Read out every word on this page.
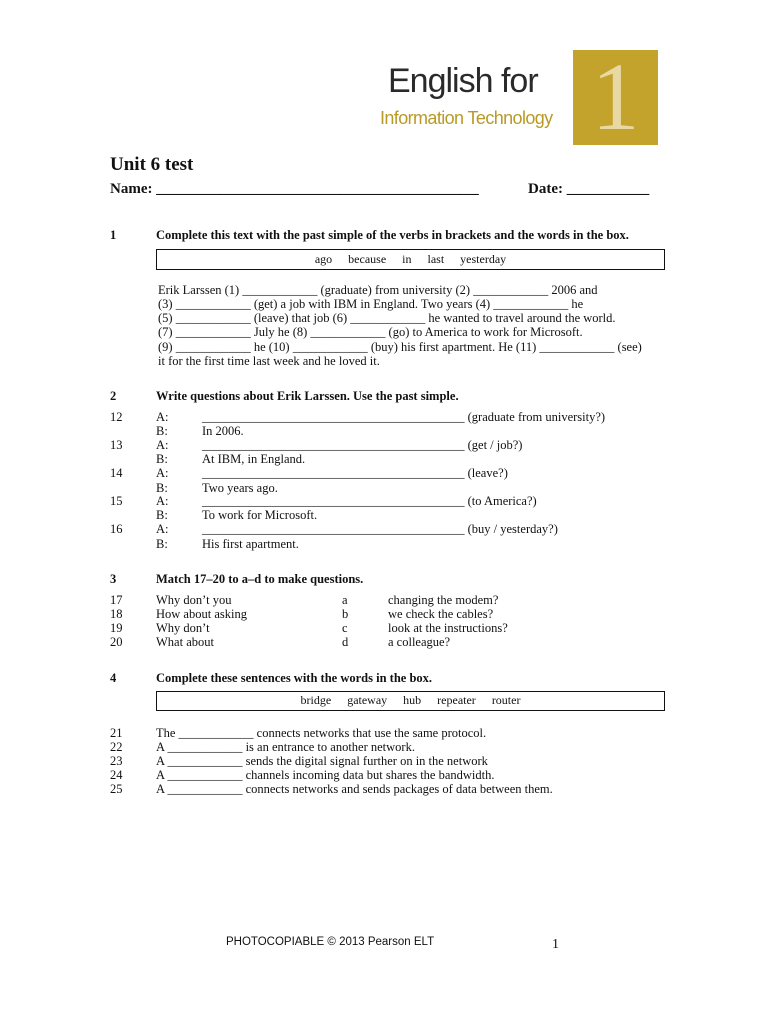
English for
Information Technology 1
Unit 6 test
Name: ___________________________________________	Date: ___________
1	Complete this text with the past simple of the verbs in brackets and the words in the box.
ago because in last yesterday
Erik Larssen (1) ____________ (graduate) from university (2) ____________ 2006 and
(3) ____________ (get) a job with IBM in England. Two years (4) ____________ he
(5) ____________ (leave) that job (6) ____________ he wanted to travel around the world.
(7) ____________ July he (8) ____________ (go) to America to work for Microsoft.
(9) ____________ he (10) ____________ (buy) his first apartment. He (11) ____________ (see)
it for the first time last week and he loved it.
2	Write questions about Erik Larssen. Use the past simple.
12	A:	__________________________________________ (graduate from university?)
B:	In 2006.
13	A:	__________________________________________ (get / job?)
B:	At IBM, in England.
14	A:	__________________________________________ (leave?)
B:	Two years ago.
15	A:	__________________________________________ (to America?)
B:	To work for Microsoft.
16	A:	__________________________________________ (buy / yesterday?)
B:	His first apartment.
3	Match 17–20 to a–d to make questions.
17	Why don’t you	a	changing the modem?
18	How about asking	b	we check the cables?
19	Why don’t	c	look at the instructions?
20	What about	d	a colleague?
4	Complete these sentences with the words in the box.
bridge gateway hub repeater router
21	The ____________ connects networks that use the same protocol.
22	A ____________ is an entrance to another network.
23	A ____________ sends the digital signal further on in the network
24	A ____________ channels incoming data but shares the bandwidth.
25	A ____________ connects networks and sends packages of data between them.
PHOTOCOPIABLE © 2013 Pearson ELT	1
